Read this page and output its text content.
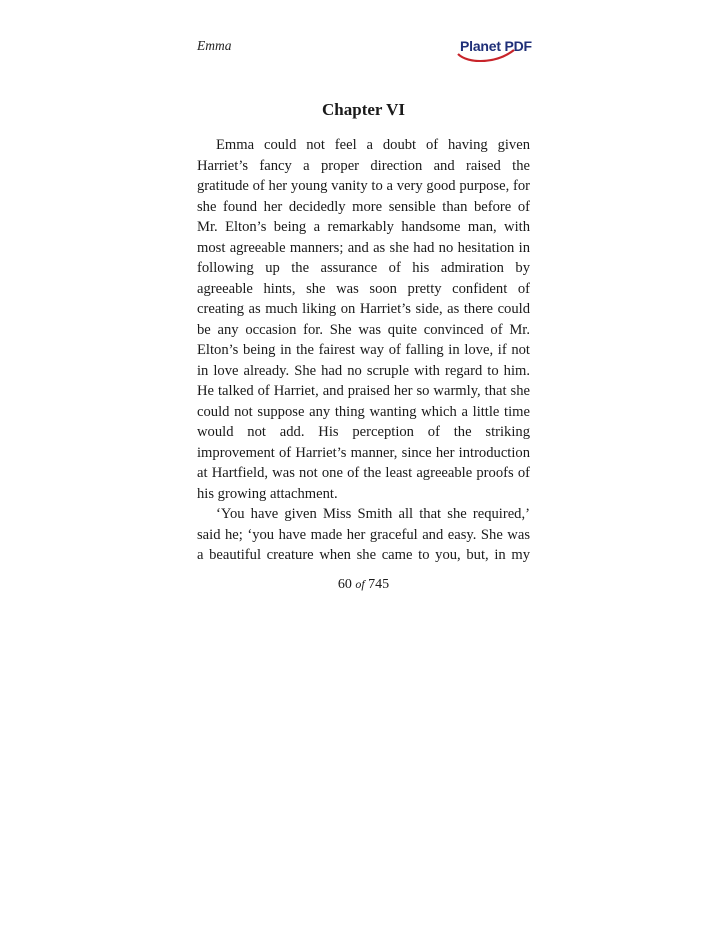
Emma	Planet PDF
Chapter VI

Emma could not feel a doubt of having given Harriet’s fancy a proper direction and raised the gratitude of her young vanity to a very good purpose, for she found her decidedly more sensible than before of Mr. Elton’s being a remarkably handsome man, with most agreeable manners; and as she had no hesitation in following up the assurance of his admiration by agreeable hints, she was soon pretty confident of creating as much liking on Harriet’s side, as there could be any occasion for. She was quite convinced of Mr. Elton’s being in the fairest way of falling in love, if not in love already. She had no scruple with regard to him. He talked of Harriet, and praised her so warmly, that she could not suppose any thing wanting which a little time would not add. His perception of the striking improvement of Harriet’s manner, since her introduction at Hartfield, was not one of the least agreeable proofs of his growing attachment.

‘You have given Miss Smith all that she required,’ said he; ‘you have made her graceful and easy. She was a beautiful creature when she came to you, but, in my

60 of 745
